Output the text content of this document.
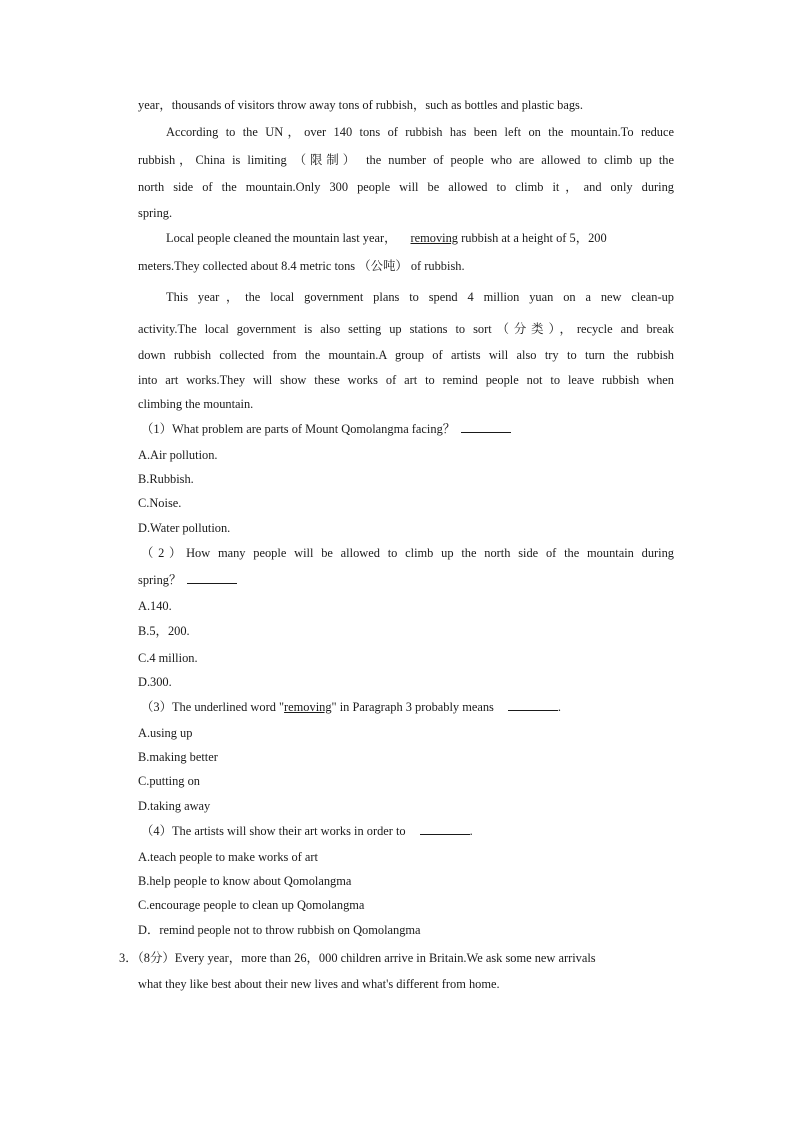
year，thousands of visitors throw away tons of rubbish，such as bottles and plastic bags.
According to the UN，over 140 tons of rubbish has been left on the mountain.To reduce
rubbish，China is limiting （限制） the number of people who are allowed to climb up the
north side of the mountain.Only 300 people will be allowed to climb it，and only during
spring.
Local people cleaned the mountain last year， removing rubbish at a height of 5，200
meters.They collected about 8.4 metric tons （公吨） of rubbish.
This year，the local government plans to spend 4 million yuan on a new clean-up
activity.The local government is also setting up stations to sort（分类），recycle and break
down rubbish collected from the mountain.A group of artists will also try to turn the rubbish
into art works.They will show these works of art to remind people not to leave rubbish when
climbing the mountain.
（1）What problem are parts of Mount Qomolangma facing？
A.Air pollution.
B.Rubbish.
C.Noise.
D.Water pollution.
（2）How many people will be allowed to climb up the north side of the mountain during
spring？
A.140.
B.5，200.
C.4 million.
D.300.
（3）The underlined word "removing" in Paragraph 3 probably means	.
A.using up
B.making better
C.putting on
D.taking away
（4）The artists will show their art works in order to	.
A.teach people to make works of art
B.help people to know about Qomolangma
C.encourage people to clean up Qomolangma
D．remind people not to throw rubbish on Qomolangma
3．（8分）Every year，more than 26，000 children arrive in Britain.We ask some new arrivals
what they like best about their new lives and what's different from home.
